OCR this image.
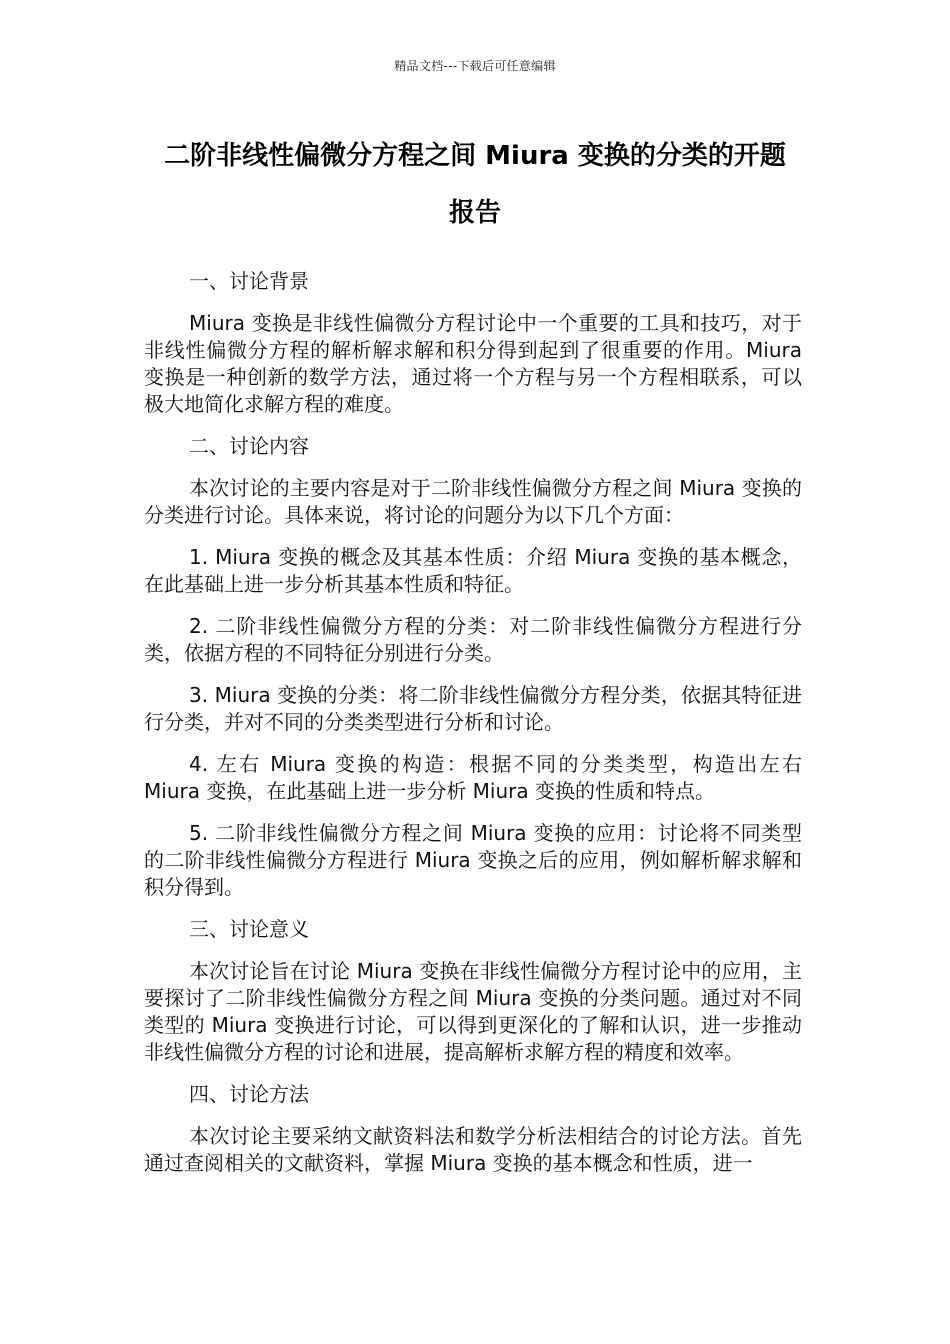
精品文档---下载后可任意编辑
二阶非线性偏微分方程之间 Miura 变换的分类的开题
报告

一、讨论背景

Miura 变换是非线性偏微分方程讨论中一个重要的工具和技巧，对于非线性偏微分方程的解析解求解和积分得到起到了很重要的作用。Miura 变换是一种创新的数学方法，通过将一个方程与另一个方程相联系，可以极大地简化求解方程的难度。

二、讨论内容

本次讨论的主要内容是对于二阶非线性偏微分方程之间 Miura 变换的分类进行讨论。具体来说，将讨论的问题分为以下几个方面：

1. Miura 变换的概念及其基本性质：介绍 Miura 变换的基本概念，在此基础上进一步分析其基本性质和特征。

2. 二阶非线性偏微分方程的分类：对二阶非线性偏微分方程进行分类，依据方程的不同特征分别进行分类。

3. Miura 变换的分类：将二阶非线性偏微分方程分类，依据其特征进行分类，并对不同的分类类型进行分析和讨论。

4. 左右 Miura 变换的构造：根据不同的分类类型，构造出左右 Miura 变换，在此基础上进一步分析 Miura 变换的性质和特点。

5. 二阶非线性偏微分方程之间 Miura 变换的应用：讨论将不同类型的二阶非线性偏微分方程进行 Miura 变换之后的应用，例如解析解求解和积分得到。

三、讨论意义

本次讨论旨在讨论 Miura 变换在非线性偏微分方程讨论中的应用，主要探讨了二阶非线性偏微分方程之间 Miura 变换的分类问题。通过对不同类型的 Miura 变换进行讨论，可以得到更深化的了解和认识，进一步推动非线性偏微分方程的讨论和进展，提高解析求解方程的精度和效率。

四、讨论方法

本次讨论主要采纳文献资料法和数学分析法相结合的讨论方法。首先通过查阅相关的文献资料，掌握 Miura 变换的基本概念和性质，进一
